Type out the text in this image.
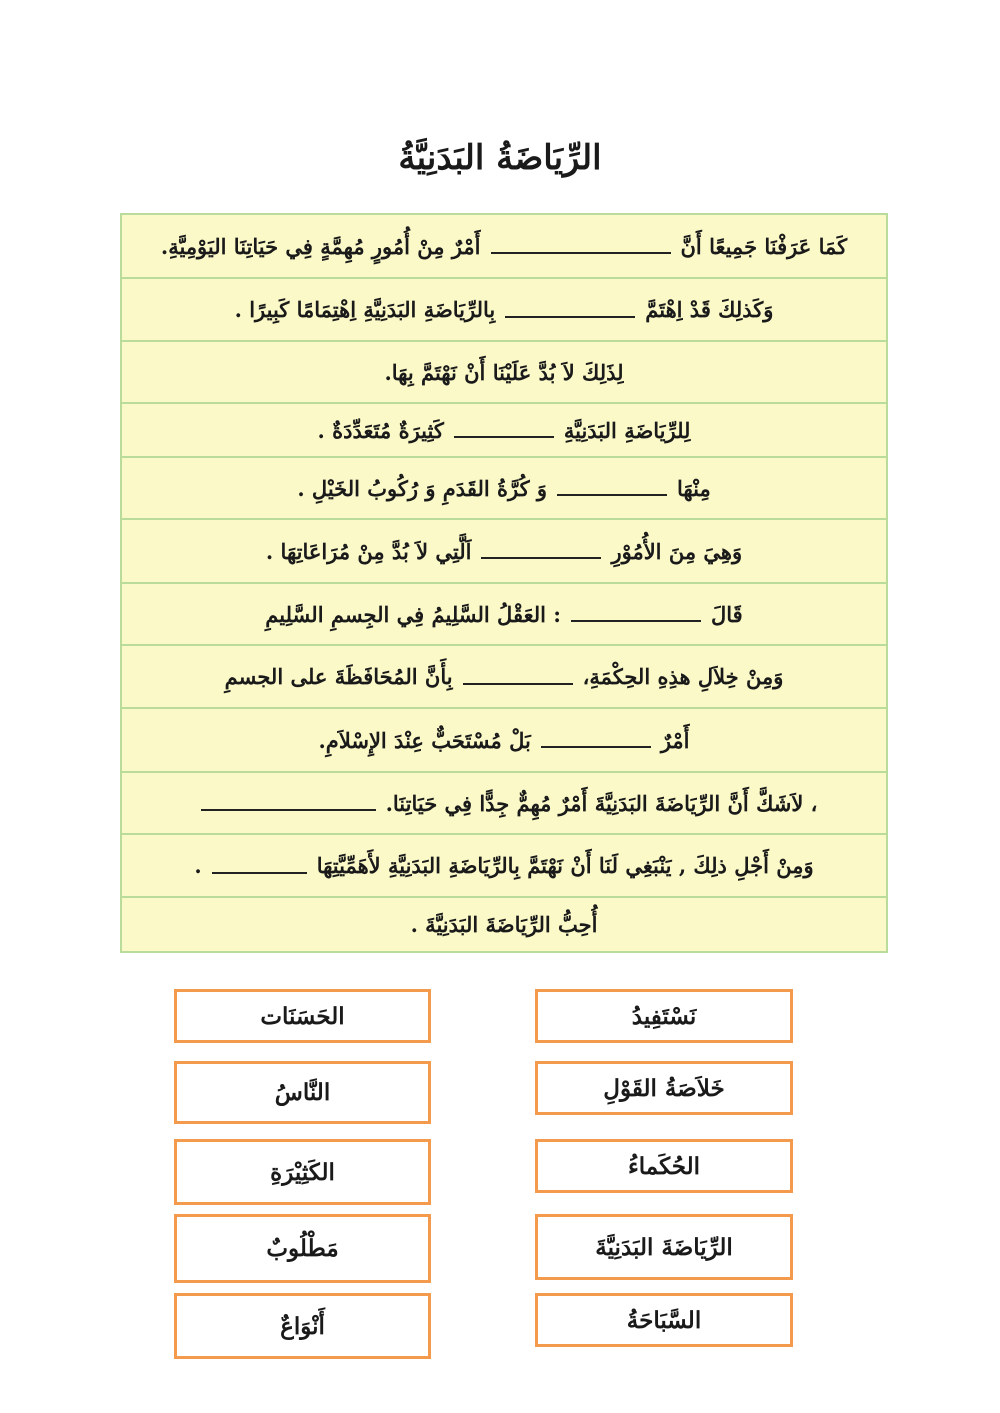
الرِّيَاضَةُ البَدَنِيَّةُ
كَمَا عَرَفْنَا جَمِيعًا أَنَّ
أَمْرٌ مِنْ أُمُورٍ مُهِمَّةٍ فِي حَيَاتِنَا اليَوْمِيَّةِ.
وَكَذلِكَ قَدْ اِهْتَمَّ
بِالرِّيَاضَةِ البَدَنِيَّةِ اِهْتِمَامًا كَبِيرًا .
لِذَلِكَ لاَ بُدَّ عَلَيْنَا أَنْ نَهْتَمَّ بِهَا.
لِلرِّيَاضَةِ البَدَنِيَّةِ
كَثِيرَةٌ مُتَعَدِّدَةٌ .
مِنْهَا
وَ كُرَّةُ القَدَمِ وَ رُكُوبُ الخَيْلِ .
وَهِيَ مِنَ الأُمُوْرِ
اَلَّتِي لاَ بُدَّ مِنْ مُرَاعَاتِهَا .
قَالَ
: العَقْلُ السَّلِيمُ فِي الجِسمِ السَّلِيمِ
وَمِنْ خِلاَلِ هذِهِ الحِكْمَةِ،
بِأَنَّ المُحَافَظَةَ على الجسمِ
أَمْرٌ
بَلْ مُسْتَحَبٌّ عِنْدَ الإِسْلاَمِ.
، لاَشَكَّ أَنَّ الرِّيَاضَةَ البَدَنِيَّةَ أَمْرٌ مُهِمٌّ جِدًّا فِي حَيَاتِنَا.
وَمِنْ أَجْلِ ذلِكَ , يَنْبَغِي لَنَا أَنْ نَهْتَمَّ بِالرِّيَاضَةِ البَدَنِيَّةِ لأَهَمِّيَّتِهَا
.
أُحِبُّ الرِّيَاضَةَ البَدَنِيَّةَ .
نَسْتَفِيدُ
خَلاَصَةُ القَوْلِ
الحُكَماءُ
الرِّيَاضَةَ البَدَنِيَّةَ
السَّبَاحَةُ
الحَسَنَات
النَّاسُ
الكَثِيْرَةِ
مَطْلُوبٌ
أَنْوَاعٌ
